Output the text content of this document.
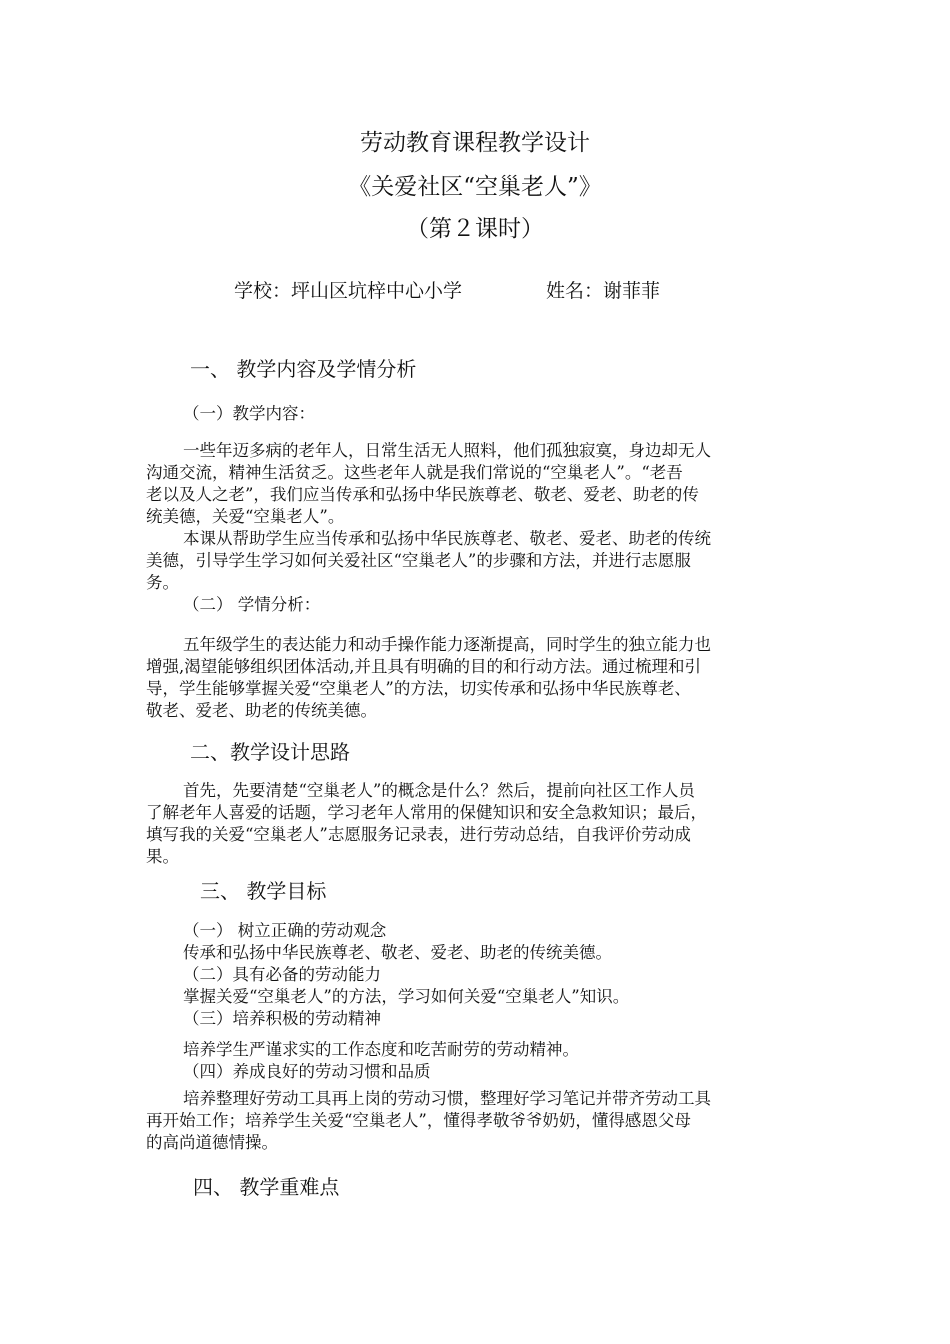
劳动教育课程教学设计
《关爱社区“空巢老人”》
（第２课时）
学校：坪山区坑梓中心小学	姓名：谢菲菲
一、 教学内容及学情分析
（一）教学内容：
一些年迈多病的老年人，日常生活无人照料，他们孤独寂寞，身边却无人
沟通交流，精神生活贫乏。这些老年人就是我们常说的“空巢老人”。“老吾
老以及人之老”，我们应当传承和弘扬中华民族尊老、敬老、爱老、助老的传
统美德，关爱“空巢老人”。
本课从帮助学生应当传承和弘扬中华民族尊老、敬老、爱老、助老的传统
美德，引导学生学习如何关爱社区“空巢老人”的步骤和方法，并进行志愿服
务。
（二） 学情分析：
五年级学生的表达能力和动手操作能力逐渐提高，同时学生的独立能力也
增强,渴望能够组织团体活动,并且具有明确的目的和行动方法。通过梳理和引
导，学生能够掌握关爱“空巢老人”的方法，切实传承和弘扬中华民族尊老、
敬老、爱老、助老的传统美德。
二、教学设计思路
首先，先要清楚“空巢老人”的概念是什么？然后，提前向社区工作人员
了解老年人喜爱的话题，学习老年人常用的保健知识和安全急救知识；最后，
填写我的关爱“空巢老人”志愿服务记录表，进行劳动总结，自我评价劳动成
果。
三、 教学目标
（一） 树立正确的劳动观念
传承和弘扬中华民族尊老、敬老、爱老、助老的传统美德。
（二）具有必备的劳动能力
掌握关爱“空巢老人”的方法，学习如何关爱“空巢老人”知识。
（三）培养积极的劳动精神
培养学生严谨求实的工作态度和吃苦耐劳的劳动精神。
（四）养成良好的劳动习惯和品质
培养整理好劳动工具再上岗的劳动习惯，整理好学习笔记并带齐劳动工具
再开始工作；培养学生关爱“空巢老人”，懂得孝敬爷爷奶奶，懂得感恩父母
的高尚道德情操。
四、 教学重难点
